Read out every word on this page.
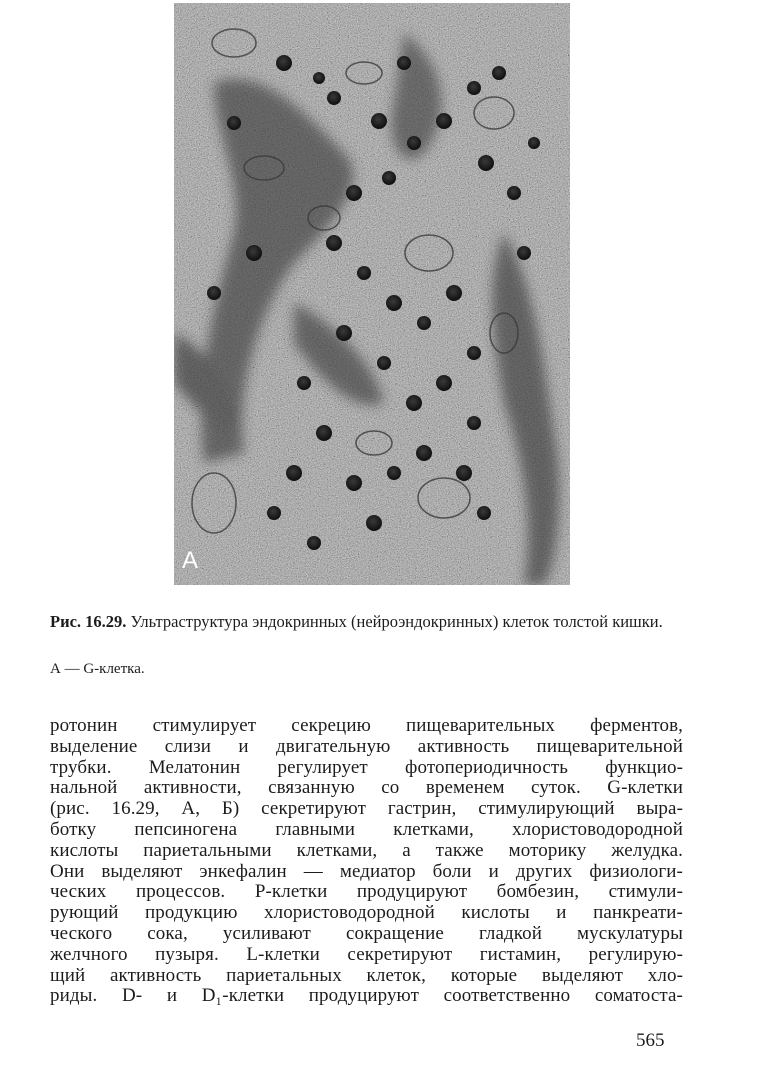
А
Рис. 16.29. Ультраструктура эндокринных (нейроэндокринных) клеток толстой кишки.
А — G-клетка.
ротонин стимулирует секрецию пищеварительных ферментов,
выделение слизи и двигательную активность пищеварительной
трубки. Мелатонин регулирует фотопериодичность функцио-
нальной активности, связанную со временем суток. G-клетки
(рис. 16.29, А, Б) секретируют гастрин, стимулирующий выра-
ботку пепсиногена главными клетками, хлористоводородной
кислоты париетальными клетками, а также моторику желудка.
Они выделяют энкефалин — медиатор боли и других физиологи-
ческих процессов. Р-клетки продуцируют бомбезин, стимули-
рующий продукцию хлористоводородной кислоты и панкреати-
ческого сока, усиливают сокращение гладкой мускулатуры
желчного пузыря. L-клетки секретируют гистамин, регулирую-
щий активность париетальных клеток, которые выделяют хло-
риды. D- и D₁-клетки продуцируют соответственно соматоста-
565
